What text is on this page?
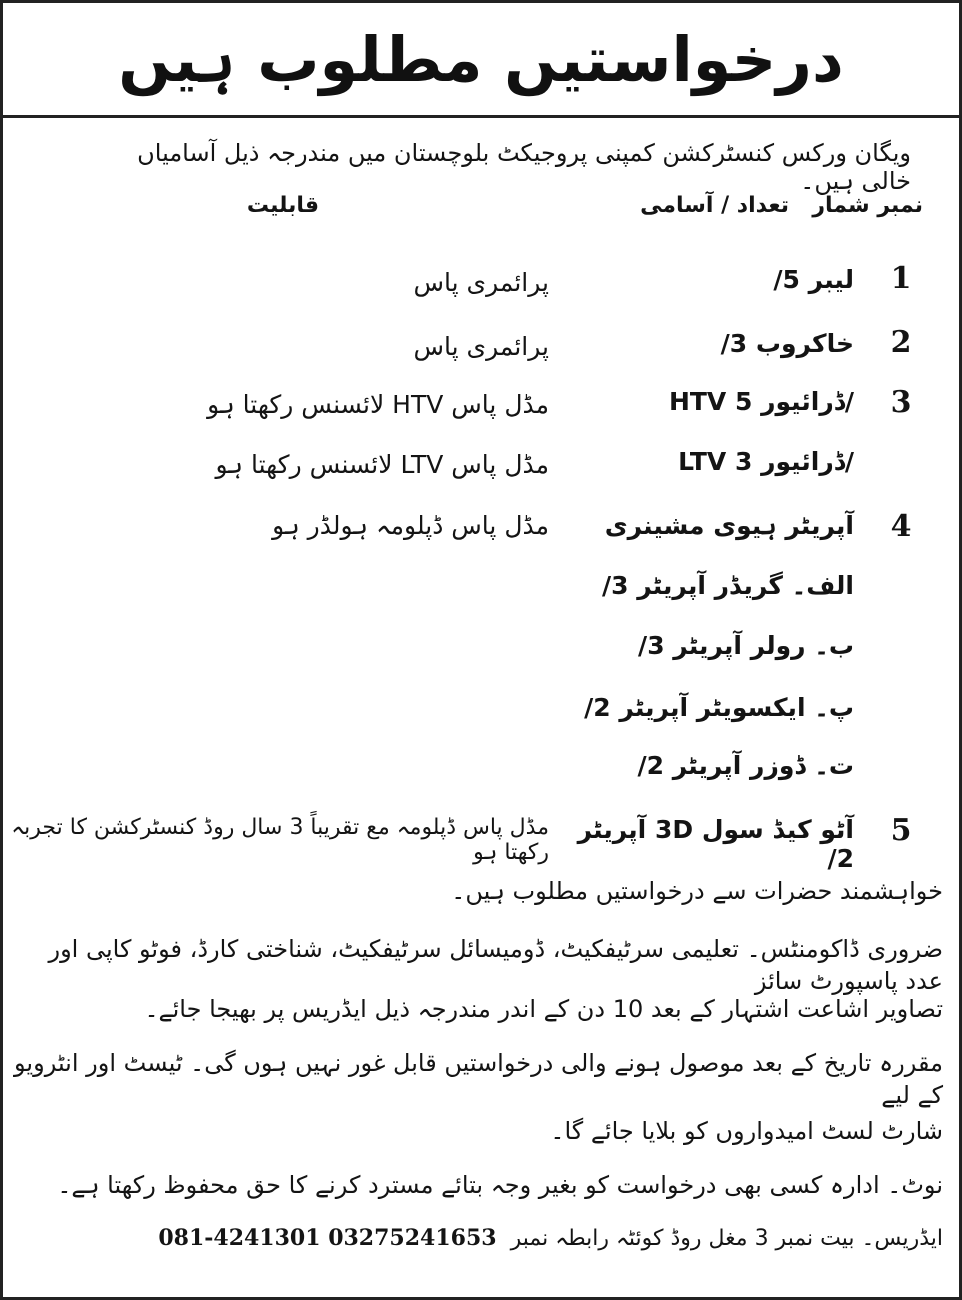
درخواستیں مطلوب ہیں
ویگان ورکس کنسٹرکشن کمپنی پروجیکٹ بلوچستان میں مندرجہ ذیل آسامیاں خالی ہیں۔
نمبر شمار
تعداد / آسامی
قابلیت
1
لیبر 5/
پرائمری پاس
2
خاکروب 3/
پرائمری پاس
3
HTV ڈرائیور 5/
مڈل پاس HTV لائسنس رکھتا ہو
LTV ڈرائیور 3/
مڈل پاس LTV لائسنس رکھتا ہو
4
آپریٹر ہیوی مشینری
مڈل پاس ڈپلومہ ہولڈر ہو
الف۔ گریڈر آپریٹر 3/
ب۔ رولر آپریٹر 3/
پ۔ ایکسویٹر آپریٹر 2/
ت۔ ڈوزر آپریٹر 2/
5
آٹو کیڈ سول 3D آپریٹر 2/
مڈل پاس ڈپلومہ مع تقریباً 3 سال روڈ کنسٹرکشن کا تجربہ رکھتا ہو
خواہشمند حضرات سے درخواستیں مطلوب ہیں۔
ضروری ڈاکومنٹس۔ تعلیمی سرٹیفکیٹ، ڈومیسائل سرٹیفکیٹ، شناختی کارڈ، فوٹو کاپی اور عدد پاسپورٹ سائز
تصاویر اشاعت اشتہار کے بعد 10 دن کے اندر مندرجہ ذیل ایڈریس پر بھیجا جائے۔
مقررہ تاریخ کے بعد موصول ہونے والی درخواستیں قابل غور نہیں ہوں گی۔ ٹیسٹ اور انٹرویو کے لیے
شارٹ لسٹ امیدواروں کو بلایا جائے گا۔
نوٹ۔ ادارہ کسی بھی درخواست کو بغیر وجہ بتائے مسترد کرنے کا حق محفوظ رکھتا ہے۔
ایڈریس۔ بیت نمبر 3 مغل روڈ کوئٹہ رابطہ نمبر
081-4241301 03275241653
